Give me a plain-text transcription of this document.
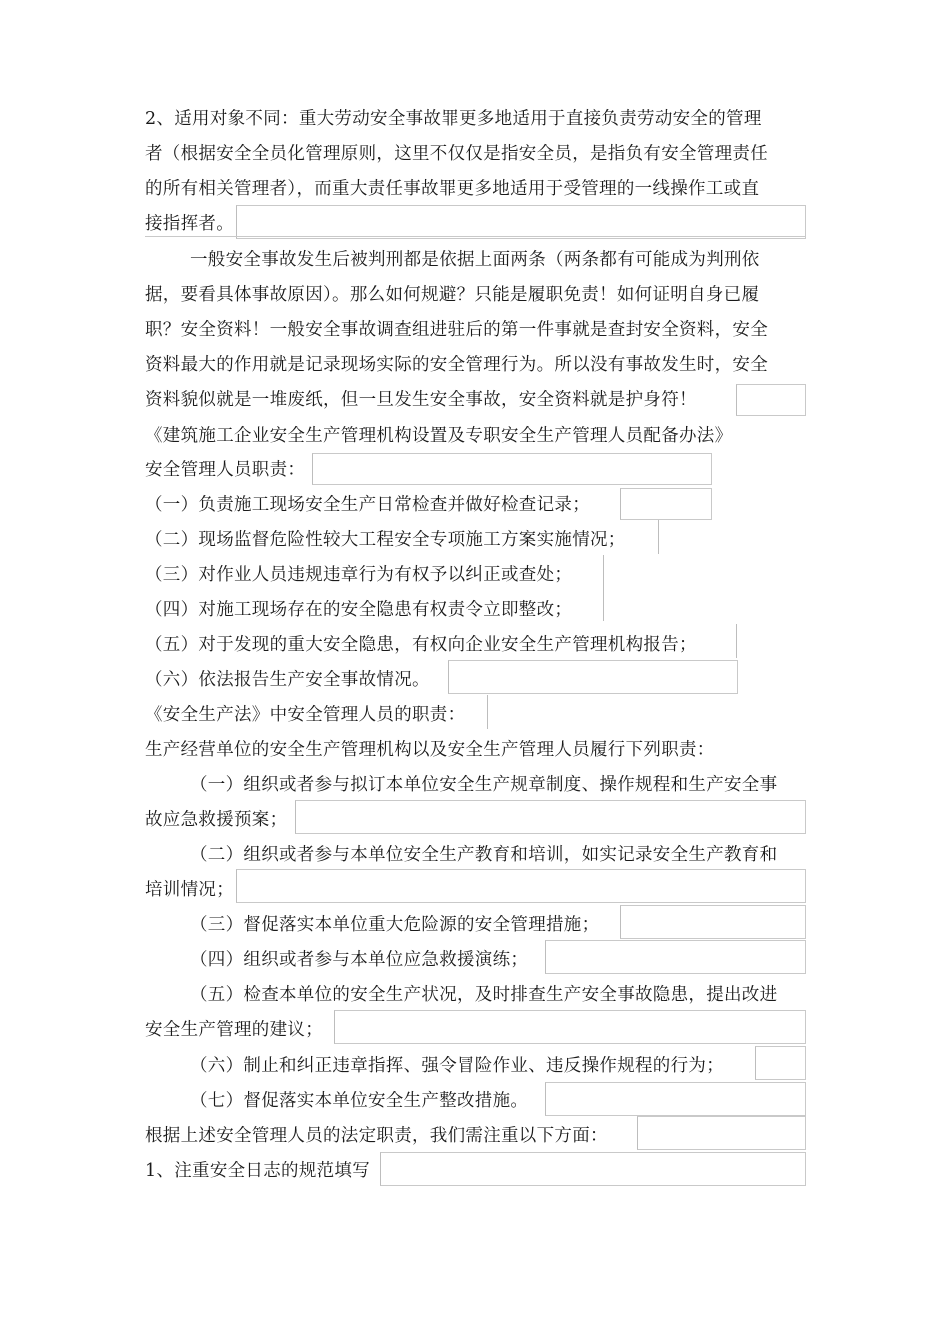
2、适用对象不同：重大劳动安全事故罪更多地适用于直接负责劳动安全的管理
者（根据安全全员化管理原则，这里不仅仅是指安全员，是指负有安全管理责任
的所有相关管理者），而重大责任事故罪更多地适用于受管理的一线操作工或直
接指挥者。
一般安全事故发生后被判刑都是依据上面两条（两条都有可能成为判刑依
据，要看具体事故原因）。那么如何规避？只能是履职免责！如何证明自身已履
职？安全资料！一般安全事故调查组进驻后的第一件事就是查封安全资料，安全
资料最大的作用就是记录现场实际的安全管理行为。所以没有事故发生时，安全
资料貌似就是一堆废纸，但一旦发生安全事故，安全资料就是护身符！
《建筑施工企业安全生产管理机构设置及专职安全生产管理人员配备办法》
安全管理人员职责：
（一）负责施工现场安全生产日常检查并做好检查记录；
（二）现场监督危险性较大工程安全专项施工方案实施情况；
（三）对作业人员违规违章行为有权予以纠正或查处；
（四）对施工现场存在的安全隐患有权责令立即整改；
（五）对于发现的重大安全隐患，有权向企业安全生产管理机构报告；
（六）依法报告生产安全事故情况。
《安全生产法》中安全管理人员的职责：
生产经营单位的安全生产管理机构以及安全生产管理人员履行下列职责：
（一）组织或者参与拟订本单位安全生产规章制度、操作规程和生产安全事
故应急救援预案；
（二）组织或者参与本单位安全生产教育和培训，如实记录安全生产教育和
培训情况；
（三）督促落实本单位重大危险源的安全管理措施；
（四）组织或者参与本单位应急救援演练；
（五）检查本单位的安全生产状况，及时排查生产安全事故隐患，提出改进
安全生产管理的建议；
（六）制止和纠正违章指挥、强令冒险作业、违反操作规程的行为；
（七）督促落实本单位安全生产整改措施。
根据上述安全管理人员的法定职责，我们需注重以下方面：
1、注重安全日志的规范填写
